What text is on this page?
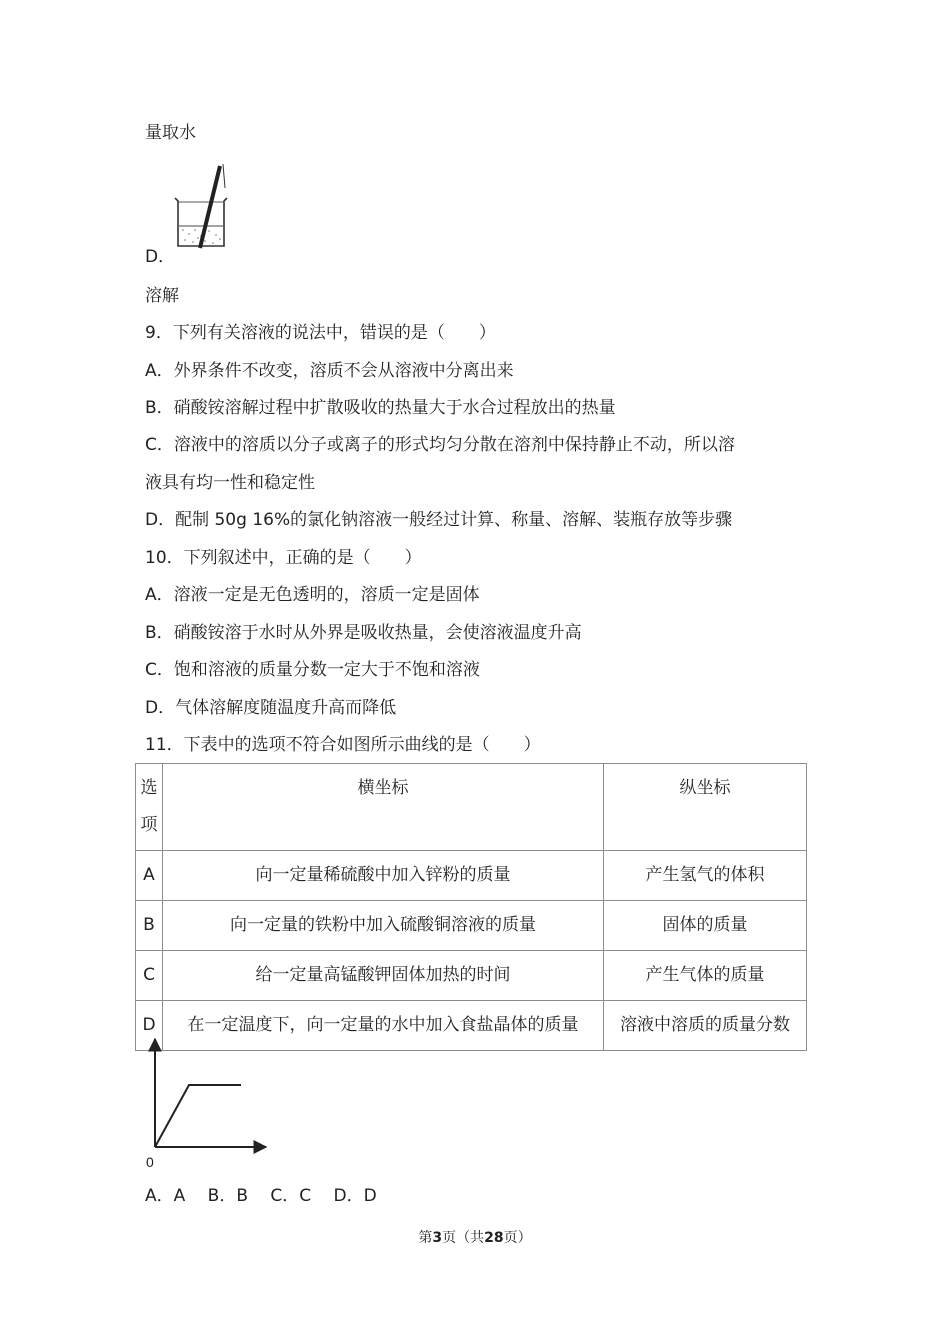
量取水
D．
溶解
9．下列有关溶液的说法中，错误的是（　　）
A．外界条件不改变，溶质不会从溶液中分离出来
B．硝酸铵溶解过程中扩散吸收的热量大于水合过程放出的热量
C．溶液中的溶质以分子或离子的形式均匀分散在溶剂中保持静止不动，所以溶
液具有均一性和稳定性
D．配制 50g 16%的氯化钠溶液一般经过计算、称量、溶解、装瓶存放等步骤
10．下列叙述中，正确的是（　　）
A．溶液一定是无色透明的，溶质一定是固体
B．硝酸铵溶于水时从外界是吸收热量，会使溶液温度升高
C．饱和溶液的质量分数一定大于不饱和溶液
D．气体溶解度随温度升高而降低
11．下表中的选项不符合如图所示曲线的是（　　）
选项	横坐标	纵坐标
A	向一定量稀硫酸中加入锌粉的质量	产生氢气的体积
B	向一定量的铁粉中加入硫酸铜溶液的质量	固体的质量
C	给一定量高锰酸钾固体加热的时间	产生气体的质量
D	在一定温度下，向一定量的水中加入食盐晶体的质量	溶液中溶质的质量分数
0
A．A　 B．B　 C．C　 D．D
第3页（共28页）
